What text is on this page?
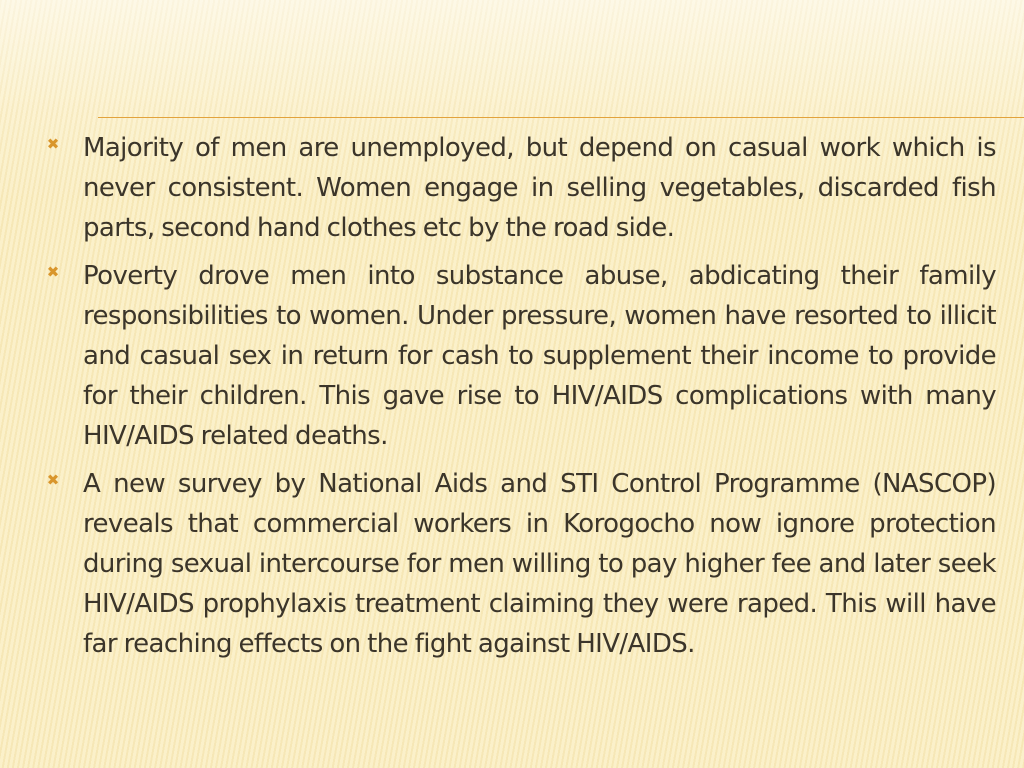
✖ Majority of men are unemployed, but depend on casual work which is never consistent. Women engage in selling vegetables, discarded fish parts, second hand clothes etc by the road side.
✖ Poverty drove men into substance abuse, abdicating their family responsibilities to women. Under pressure, women have resorted to illicit and casual sex in return for cash to supplement their income to provide for their children. This gave rise to HIV/AIDS complications with many HIV/AIDS related deaths.
✖ A new survey by National Aids and STI Control Programme (NASCOP) reveals that commercial workers in Korogocho now ignore protection during sexual intercourse for men willing to pay higher fee and later seek HIV/AIDS prophylaxis treatment claiming they were raped. This will have far reaching effects on the fight against HIV/AIDS.
